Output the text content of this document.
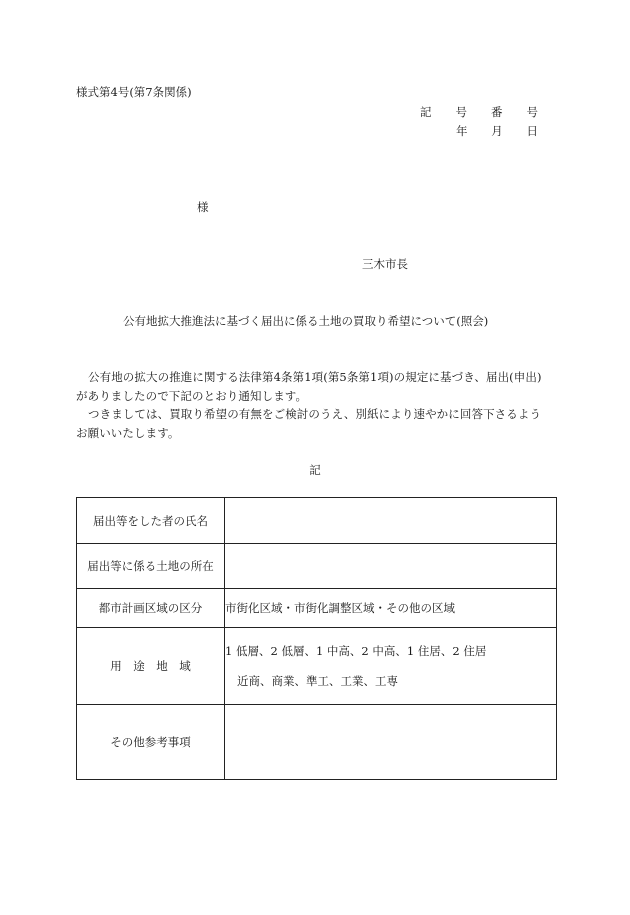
様式第4号(第7条関係)
記 号 番 号
年 月 日
様
三木市長
公有地拡大推進法に基づく届出に係る土地の買取り希望について(照会)

公有地の拡大の推進に関する法律第4条第1項(第5条第1項)の規定に基づき、届出(申出)

がありましたので下記のとおり通知します。

つきましては、買取り希望の有無をご検討のうえ、別紙により速やかに回答下さるよう

お願いいたします。

記
届出等をした者の氏名	
届出等に係る土地の所在	
都市計画区域の区分	市街化区域・市街化調整区域・その他の区域
用　途　地　域	1 低層、2 低層、1 中高、2 中高、1 住居、2 住居
近商、商業、準工、工業、工専

その他参考事項	
